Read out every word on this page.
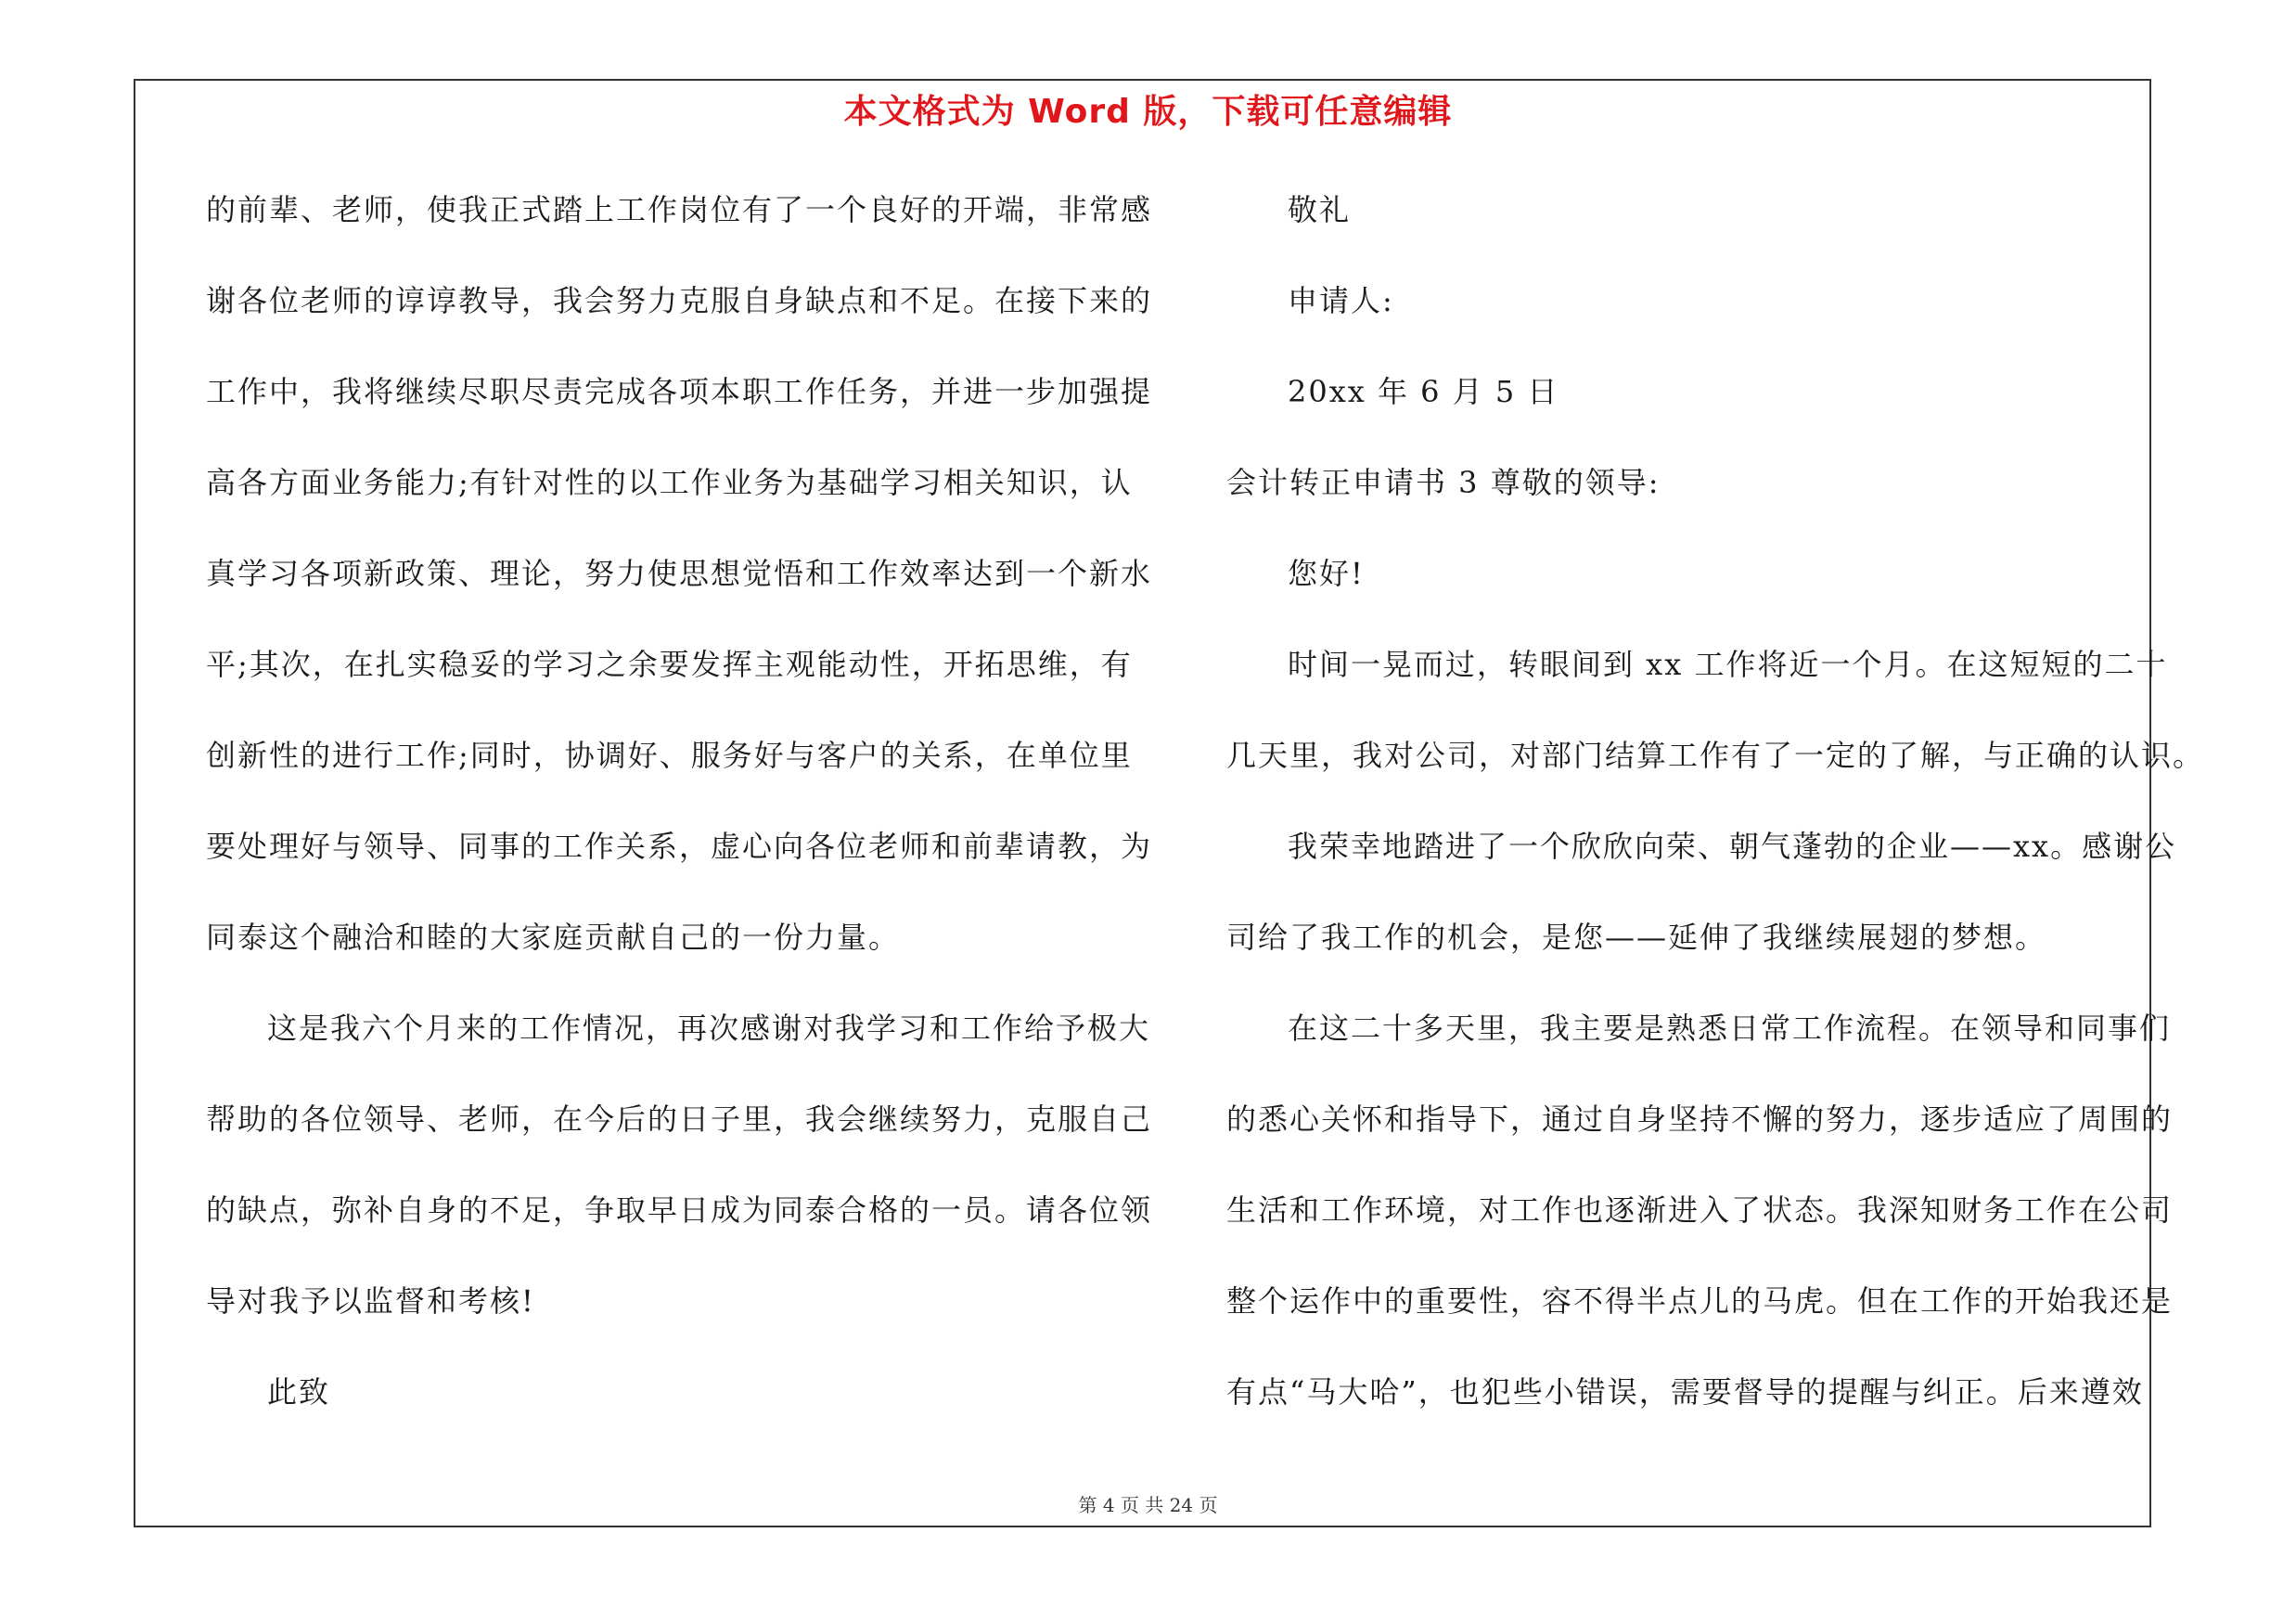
本文格式为 Word 版，下载可任意编辑
的前辈、老师，使我正式踏上工作岗位有了一个良好的开端，非常感
谢各位老师的谆谆教导，我会努力克服自身缺点和不足。在接下来的
工作中，我将继续尽职尽责完成各项本职工作任务，并进一步加强提
高各方面业务能力;有针对性的以工作业务为基础学习相关知识，认
真学习各项新政策、理论，努力使思想觉悟和工作效率达到一个新水
平;其次，在扎实稳妥的学习之余要发挥主观能动性，开拓思维，有
创新性的进行工作;同时，协调好、服务好与客户的关系，在单位里
要处理好与领导、同事的工作关系，虚心向各位老师和前辈请教，为
同泰这个融洽和睦的大家庭贡献自己的一份力量。
这是我六个月来的工作情况，再次感谢对我学习和工作给予极大
帮助的各位领导、老师，在今后的日子里，我会继续努力，克服自己
的缺点，弥补自身的不足，争取早日成为同泰合格的一员。请各位领
导对我予以监督和考核!
此致
敬礼
申请人:
20xx 年 6 月 5 日
会计转正申请书 3 尊敬的领导:
您好!
时间一晃而过，转眼间到 xx 工作将近一个月。在这短短的二十
几天里，我对公司，对部门结算工作有了一定的了解，与正确的认识。
我荣幸地踏进了一个欣欣向荣、朝气蓬勃的企业——xx。感谢公
司给了我工作的机会，是您——延伸了我继续展翅的梦想。
在这二十多天里，我主要是熟悉日常工作流程。在领导和同事们
的悉心关怀和指导下，通过自身坚持不懈的努力，逐步适应了周围的
生活和工作环境，对工作也逐渐进入了状态。我深知财务工作在公司
整个运作中的重要性，容不得半点儿的马虎。但在工作的开始我还是
有点“马大哈”，也犯些小错误，需要督导的提醒与纠正。后来遵效
第 4 页 共 24 页
